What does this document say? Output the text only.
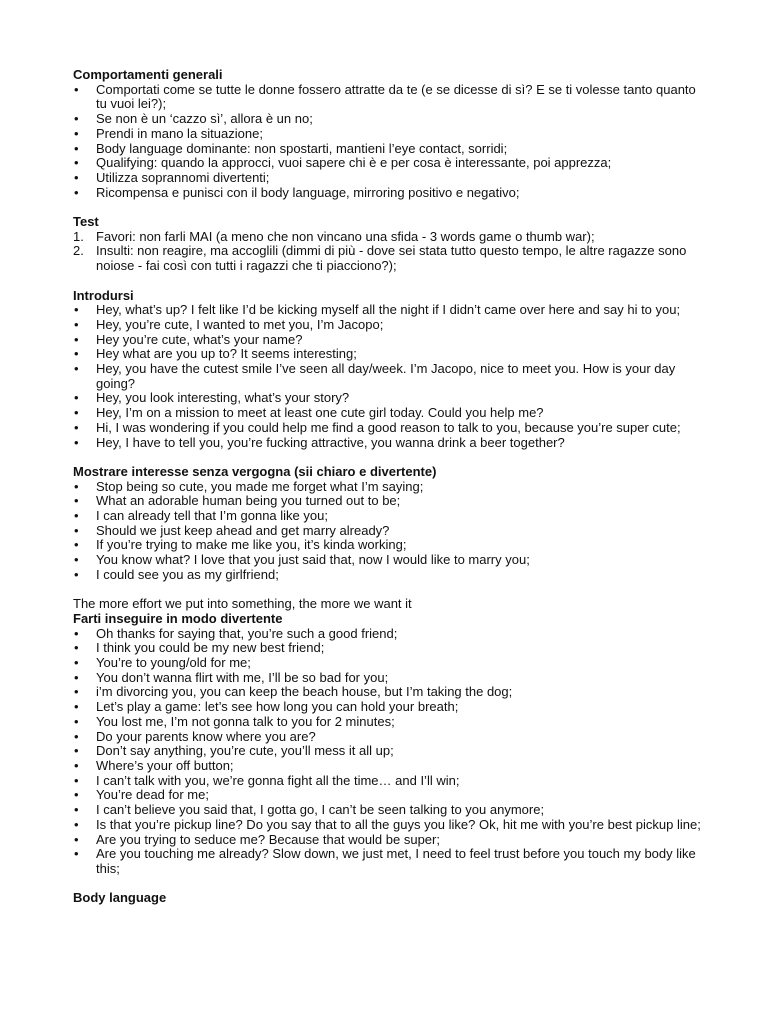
Comportamenti generali

•	Comportati come se tutte le donne fossero attratte da te (e se dicesse di sì? E se ti volesse tanto quanto tu vuoi lei?);
•	Se non è un ‘cazzo sì’, allora è un no;
•	Prendi in mano la situazione;
•	Body language dominante: non spostarti, mantieni l’eye contact, sorridi;
•	Qualifying: quando la approcci, vuoi sapere chi è e per cosa è interessante, poi apprezza;
•	Utilizza soprannomi divertenti;
•	Ricompensa e punisci con il body language, mirroring positivo e negativo;

Test

1. Favori: non farli MAI (a meno che non vincano una sfida - 3 words game o thumb war);
2. Insulti: non reagire, ma accoglili (dimmi di più - dove sei stata tutto questo tempo, le altre ragazze sono noiose - fai così con tutti i ragazzi che ti piacciono?);

Introdursi

•	Hey, what’s up? I felt like I’d be kicking myself all the night if I didn’t came over here and say hi to you;
•	Hey, you’re cute, I wanted to met you, I’m Jacopo;
•	Hey you’re cute, what’s your name?
•	Hey what are you up to? It seems interesting;
•	Hey, you have the cutest smile I’ve seen all day/week. I’m Jacopo, nice to meet you. How is your day going?
•	Hey, you look interesting, what’s your story?
•	Hey, I’m on a mission to meet at least one cute girl today. Could you help me?
•	Hi, I was wondering if you could help me find a good reason to talk to you, because you’re super cute;
•	Hey, I have to tell you, you’re fucking attractive, you wanna drink a beer together?

Mostrare interesse senza vergogna (sii chiaro e divertente)

•	Stop being so cute, you made me forget what I’m saying;
•	What an adorable human being you turned out to be;
•	I can already tell that I’m gonna like you;
•	Should we just keep ahead and get marry already?
•	If you’re trying to make me like you, it’s kinda working;
•	You know what? I love that you just said that, now I would like to marry you;
•	I could see you as my girlfriend;

The more effort we put into something, the more we want it

Farti inseguire in modo divertente

•	Oh thanks for saying that, you’re such a good friend;
•	I think you could be my new best friend;
•	You’re to young/old for me;
•	You don’t wanna flirt with me, I’ll be so bad for you;
•	i’m divorcing you, you can keep the beach house, but I’m taking the dog;
•	Let’s play a game: let’s see how long you can hold your breath;
•	You lost me, I’m not gonna talk to you for 2 minutes;
•	Do your parents know where you are?
•	Don’t say anything, you’re cute, you’ll mess it all up;
•	Where’s your off button;
•	I can’t talk with you, we’re gonna fight all the time… and I’ll win;
•	You’re dead for me;
•	I can’t believe you said that, I gotta go, I can’t be seen talking to you anymore;
•	Is that you’re pickup line? Do you say that to all the guys you like? Ok, hit me with you’re best pickup line;
•	Are you trying to seduce me? Because that would be super;
•	Are you touching me already? Slow down, we just met, I need to feel trust before you touch my body like this;

Body language
